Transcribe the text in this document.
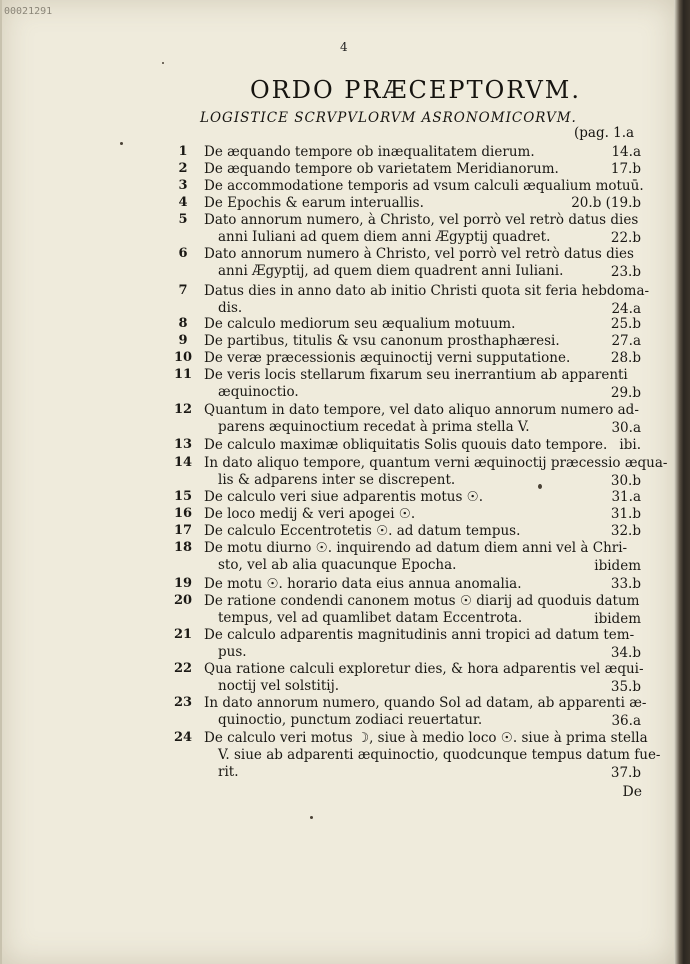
00021291
4
ORDO PRÆCEPTORVM.
LOGISTICE SCRVPVLORVM ASRONOMICORVM.
(pag. 1.a
1	De æquando tempore ob inæqualitatem dierum.	14.a
2	De æquando tempore ob varietatem Meridianorum.	17.b
3	De accommodatione temporis ad vsum calculi æqualium motuū.
4	De Epochis & earum interuallis.	20.b (19.b
5	Dato annorum numero, à Christo, vel porrò vel retrò datus dies
anni Iuliani ad quem diem anni Ægyptij quadret.	22.b
6	Dato annorum numero à Christo, vel porrò vel retrò datus dies
anni Ægyptij, ad quem diem quadrent anni Iuliani.	23.b
7	Datus dies in anno dato ab initio Christi quota sit feria hebdoma-
dis.	24.a
8	De calculo mediorum seu æqualium motuum.	25.b
9	De partibus, titulis & vsu canonum prosthaphæresi.	27.a
10 De veræ præcessionis æquinoctij verni supputatione.	28.b
11 De veris locis stellarum fixarum seu inerrantium ab apparenti
æquinoctio.	29.b
12 Quantum in dato tempore, vel dato aliquo annorum numero ad-
parens æquinoctium recedat à prima stella V.	30.a
13 De calculo maximæ obliquitatis Solis quouis dato tempore. ibi.
14 In dato aliquo tempore, quantum verni æquinoctij præcessio æqua-
lis & adparens inter se discrepent.	30.b
15 De calculo veri siue adparentis motus ☉.	31.a
16 De loco medij & veri apogei ☉.	31.b
17 De calculo Eccentrotetis ☉. ad datum tempus.	32.b
18 De motu diurno ☉. inquirendo ad datum diem anni vel à Chri-
sto, vel ab alia quacunque Epocha.	ibidem
19 De motu ☉. horario data eius annua anomalia.	33.b
20 De ratione condendi canonem motus ☉ diarij ad quoduis datum
tempus, vel ad quamlibet datam Eccentrota.	ibidem
21 De calculo adparentis magnitudinis anni tropici ad datum tem-
pus.	34.b
22 Qua ratione calculi exploretur dies, & hora adparentis vel æqui-
noctij vel solstitij.	35.b
23 In dato annorum numero, quando Sol ad datam, ab apparenti æ-
quinoctio, punctum zodiaci reuertatur.	36.a
24 De calculo veri motus ☽, siue à medio loco ☉. siue à prima stella
V. siue ab adparenti æquinoctio, quodcunque tempus datum fue-
rit.	37.b
De
